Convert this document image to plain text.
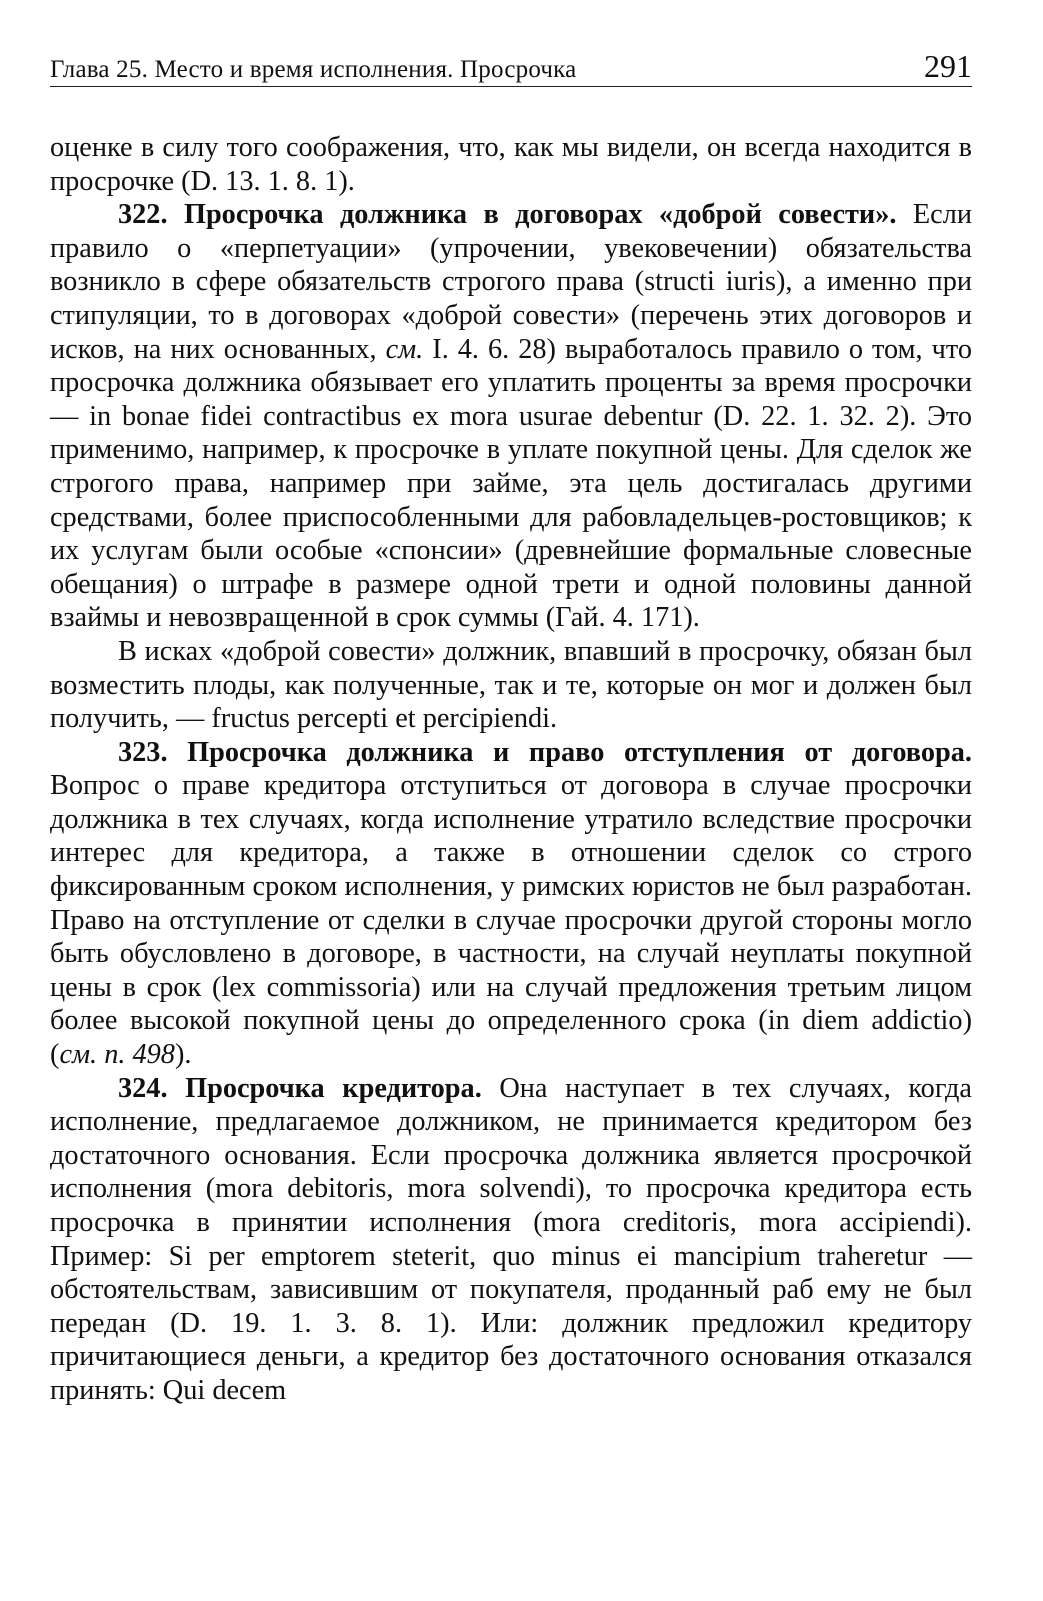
Глава 25. Место и время исполнения. Просрочка	291

оценке в силу того соображения, что, как мы видели, он всегда находится в просрочке (D. 13. 1. 8. 1).

322. Просрочка должника в договорах «доброй совести». Если правило о «перпетуации» (упрочении, увековечении) обязательства возникло в сфере обязательств строгого права (structi iuris), а именно при стипуляции, то в договорах «доброй совести» (перечень этих договоров и исков, на них основанных, см. I. 4. 6. 28) выработалось правило о том, что просрочка должника обязывает его уплатить проценты за время просрочки — in bonae fidei contractibus ex mora usurae debentur (D. 22. 1. 32. 2). Это применимо, например, к просрочке в уплате покупной цены. Для сделок же строгого права, например при займе, эта цель достигалась другими средствами, более приспособленными для рабовладельцев-ростовщиков; к их услугам были особые «спонсии» (древнейшие формальные словесные обещания) о штрафе в размере одной трети и одной половины данной взаймы и невозвращенной в срок суммы (Гай. 4. 171).

В исках «доброй совести» должник, впавший в просрочку, обязан был возместить плоды, как полученные, так и те, которые он мог и должен был получить, — fructus percepti et percipiendi.

323. Просрочка должника и право отступления от договора. Вопрос о праве кредитора отступиться от договора в случае просрочки должника в тех случаях, когда исполнение утратило вследствие просрочки интерес для кредитора, а также в отношении сделок со строго фиксированным сроком исполнения, у римских юристов не был разработан. Право на отступление от сделки в случае просрочки другой стороны могло быть обусловлено в договоре, в частности, на случай неуплаты покупной цены в срок (lex commissoria) или на случай предложения третьим лицом более высокой покупной цены до определенного срока (in diem addictio) (см. п. 498).

324. Просрочка кредитора. Она наступает в тех случаях, когда исполнение, предлагаемое должником, не принимается кредитором без достаточного основания. Если просрочка должника является просрочкой исполнения (mora debitoris, mora solvendi), то просрочка кредитора есть просрочка в принятии исполнения (mora creditoris, mora accipiendi). Пример: Si per emptorem steterit, quo minus ei mancipium traheretur — обстоятельствам, зависившим от покупателя, проданный раб ему не был передан (D. 19. 1. 3. 8. 1). Или: должник предложил кредитору причитающиеся деньги, а кредитор без достаточного основания отказался принять: Qui decem
